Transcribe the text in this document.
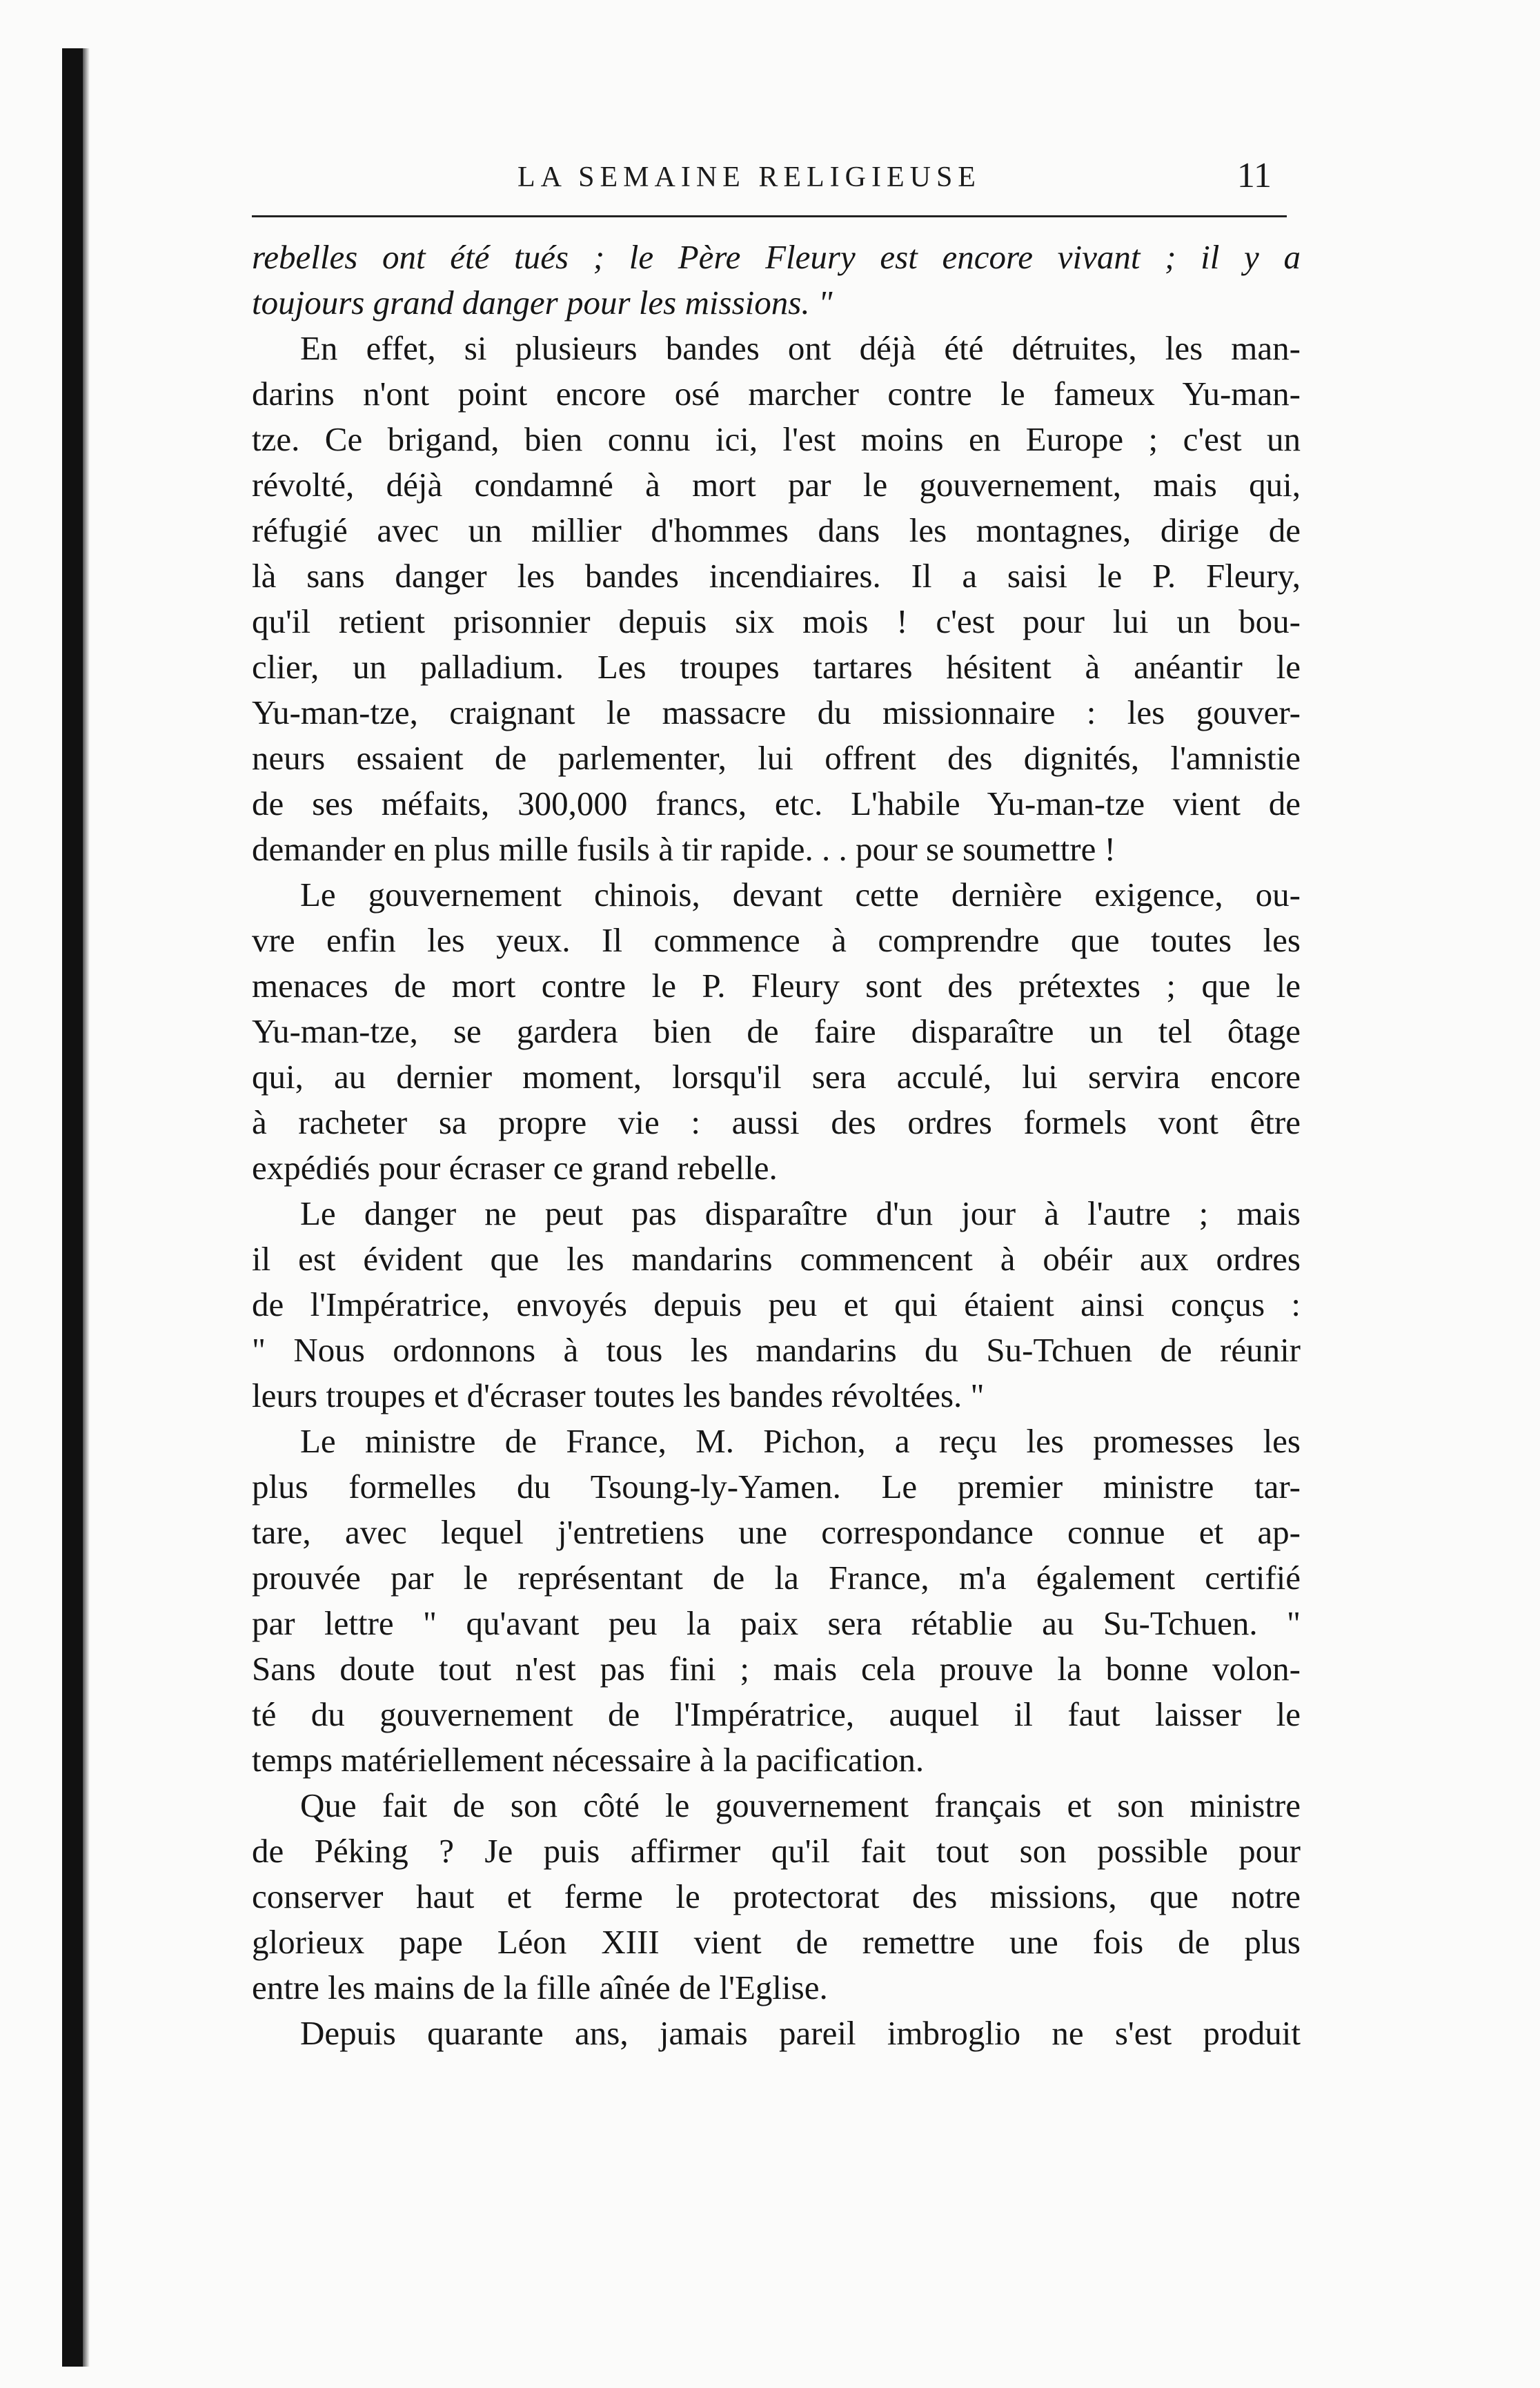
LA SEMAINE RELIGIEUSE	11
rebelles ont été tués ; le Père Fleury est encore vivant ; il y a
toujours grand danger pour les missions. "
En effet, si plusieurs bandes ont déjà été détruites, les man-
darins n'ont point encore osé marcher contre le fameux Yu-man-
tze. Ce brigand, bien connu ici, l'est moins en Europe ; c'est un
révolté, déjà condamné à mort par le gouvernement, mais qui,
réfugié avec un millier d'hommes dans les montagnes, dirige de
là sans danger les bandes incendiaires. Il a saisi le P. Fleury,
qu'il retient prisonnier depuis six mois ! c'est pour lui un bou-
clier, un palladium. Les troupes tartares hésitent à anéantir le
Yu-man-tze, craignant le massacre du missionnaire : les gouver-
neurs essaient de parlementer, lui offrent des dignités, l'amnistie
de ses méfaits, 300,000 francs, etc. L'habile Yu-man-tze vient de
demander en plus mille fusils à tir rapide. . . pour se soumettre !
Le gouvernement chinois, devant cette dernière exigence, ou-
vre enfin les yeux. Il commence à comprendre que toutes les
menaces de mort contre le P. Fleury sont des prétextes ; que le
Yu-man-tze, se gardera bien de faire disparaître un tel ôtage
qui, au dernier moment, lorsqu'il sera acculé, lui servira encore
à racheter sa propre vie : aussi des ordres formels vont être
expédiés pour écraser ce grand rebelle.
Le danger ne peut pas disparaître d'un jour à l'autre ; mais
il est évident que les mandarins commencent à obéir aux ordres
de l'Impératrice, envoyés depuis peu et qui étaient ainsi conçus :
" Nous ordonnons à tous les mandarins du Su-Tchuen de réunir
leurs troupes et d'écraser toutes les bandes révoltées. "
Le ministre de France, M. Pichon, a reçu les promesses les
plus formelles du Tsoung-ly-Yamen. Le premier ministre tar-
tare, avec lequel j'entretiens une correspondance connue et ap-
prouvée par le représentant de la France, m'a également certifié
par lettre " qu'avant peu la paix sera rétablie au Su-Tchuen. "
Sans doute tout n'est pas fini ; mais cela prouve la bonne volon-
té du gouvernement de l'Impératrice, auquel il faut laisser le
temps matériellement nécessaire à la pacification.
Que fait de son côté le gouvernement français et son ministre
de Péking ? Je puis affirmer qu'il fait tout son possible pour
conserver haut et ferme le protectorat des missions, que notre
glorieux pape Léon XIII vient de remettre une fois de plus
entre les mains de la fille aînée de l'Eglise.
Depuis quarante ans, jamais pareil imbroglio ne s'est produit
